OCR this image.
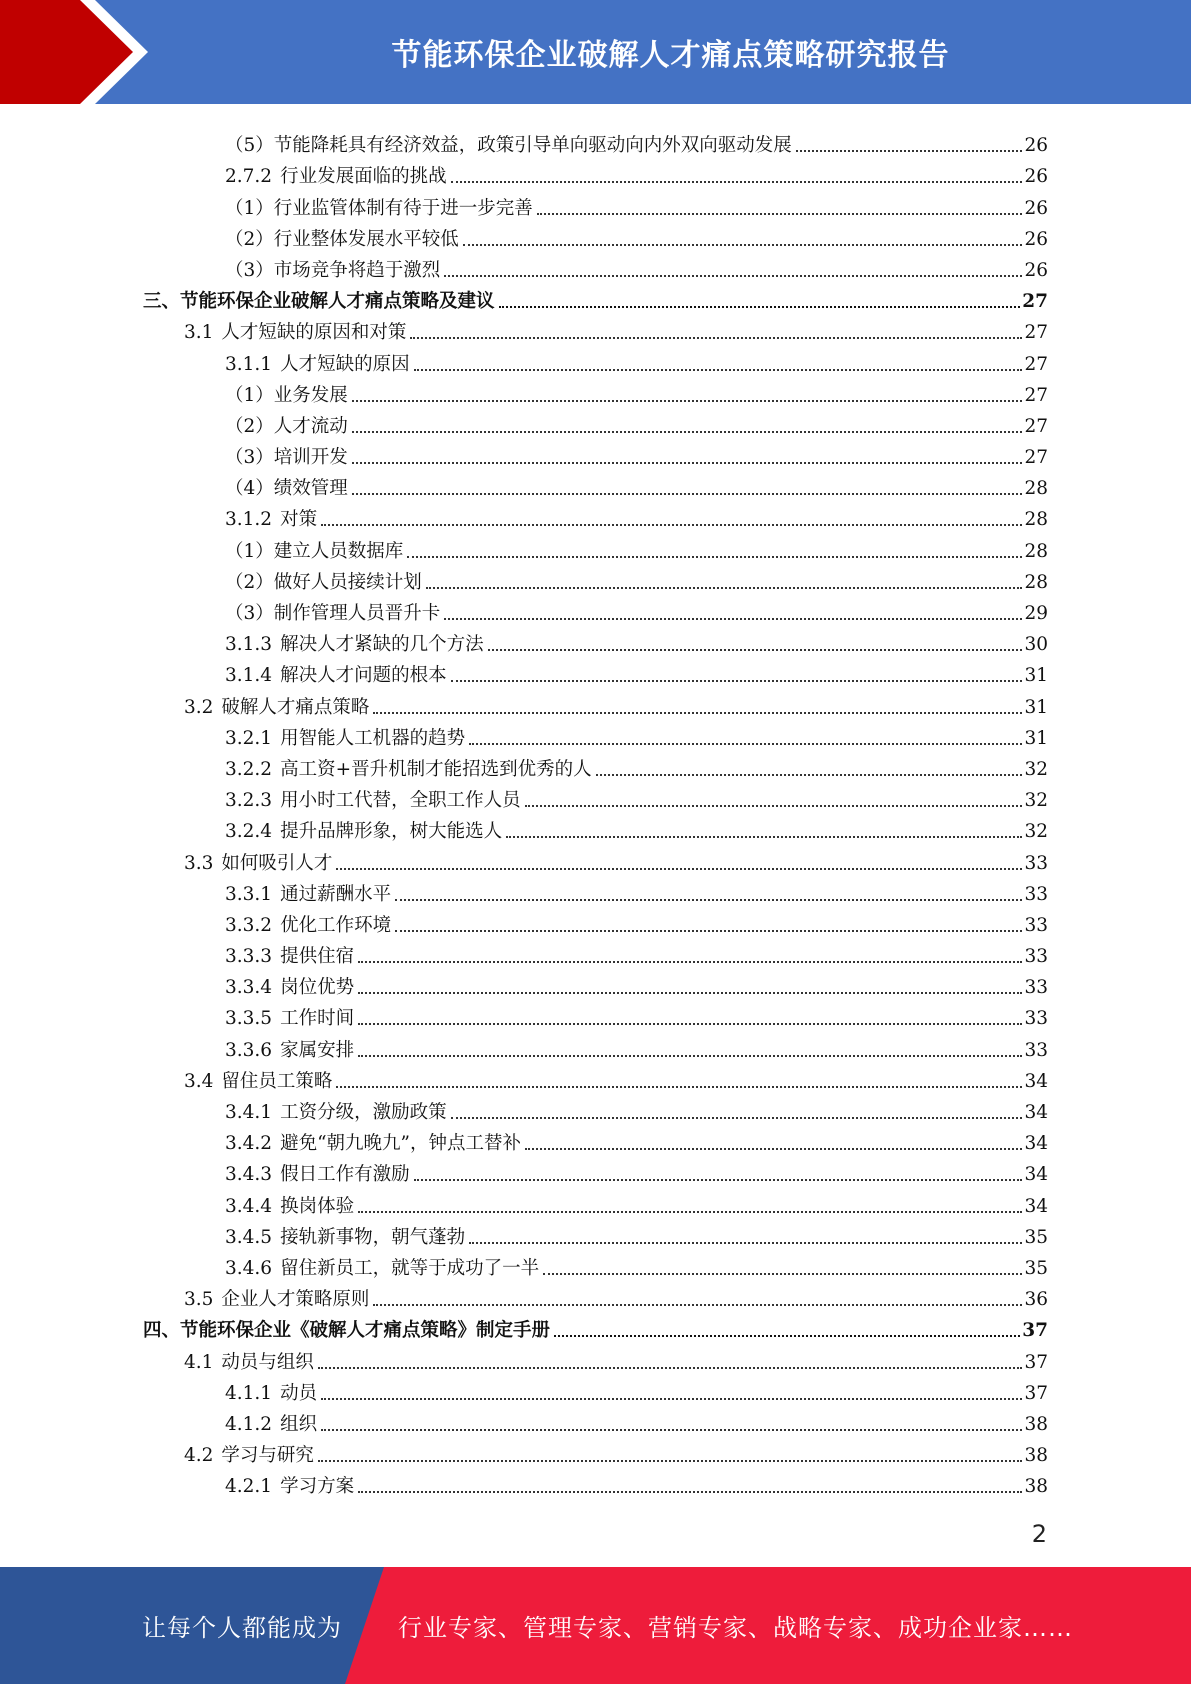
节能环保企业破解人才痛点策略研究报告
（5） 节能降耗具有经济效益，政策引导单向驱动向内外双向驱动发展	26
2.7.2 行业发展面临的挑战	26
（1） 行业监管体制有待于进一步完善	26
（2） 行业整体发展水平较低	26
（3） 市场竞争将趋于激烈	26
三、 节能环保企业破解人才痛点策略及建议	27
3.1 人才短缺的原因和对策	27
3.1.1 人才短缺的原因	27
（1） 业务发展	27
（2） 人才流动	27
（3） 培训开发	27
（4） 绩效管理	28
3.1.2 对策	28
（1） 建立人员数据库	28
（2） 做好人员接续计划	28
（3） 制作管理人员晋升卡	29
3.1.3 解决人才紧缺的几个方法	30
3.1.4 解决人才问题的根本	31
3.2 破解人才痛点策略	31
3.2.1 用智能人工机器的趋势	31
3.2.2 高工资+晋升机制才能招选到优秀的人	32
3.2.3 用小时工代替，全职工作人员	32
3.2.4 提升品牌形象，树大能选人	32
3.3 如何吸引人才	33
3.3.1 通过薪酬水平	33
3.3.2 优化工作环境	33
3.3.3 提供住宿	33
3.3.4 岗位优势	33
3.3.5 工作时间	33
3.3.6 家属安排	33
3.4 留住员工策略	34
3.4.1 工资分级，激励政策	34
3.4.2 避免“朝九晚九”，钟点工替补	34
3.4.3 假日工作有激励	34
3.4.4 换岗体验	34
3.4.5 接轨新事物，朝气蓬勃	35
3.4.6 留住新员工，就等于成功了一半	35
3.5 企业人才策略原则	36
四、 节能环保企业《破解人才痛点策略》制定手册	37
4.1 动员与组织	37
4.1.1 动员	37
4.1.2 组织	38
4.2 学习与研究	38
4.2.1 学习方案	38
2
让每个人都能成为 行业专家、管理专家、营销专家、战略专家、成功企业家……
